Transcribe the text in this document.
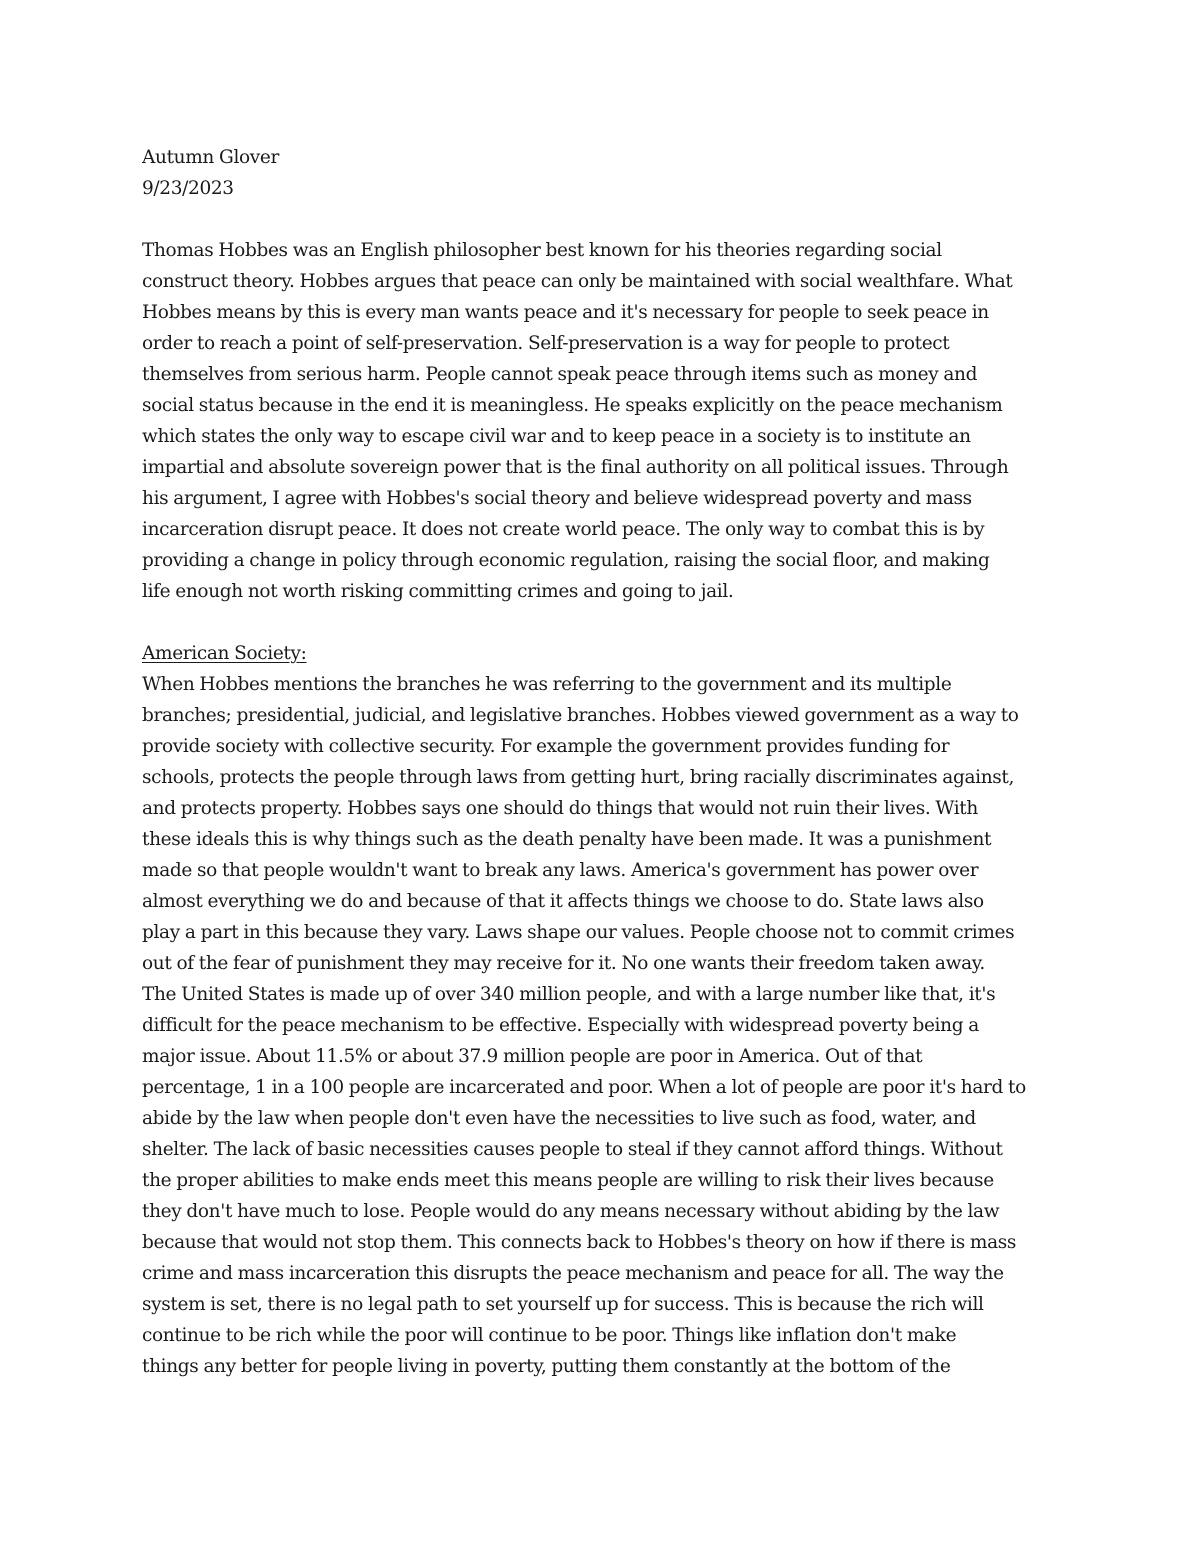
Autumn Glover
9/23/2023
Thomas Hobbes was an English philosopher best known for his theories regarding social
construct theory. Hobbes argues that peace can only be maintained with social wealthfare. What
Hobbes means by this is every man wants peace and it's necessary for people to seek peace in
order to reach a point of self-preservation. Self-preservation is a way for people to protect
themselves from serious harm. People cannot speak peace through items such as money and
social status because in the end it is meaningless. He speaks explicitly on the peace mechanism
which states the only way to escape civil war and to keep peace in a society is to institute an
impartial and absolute sovereign power that is the final authority on all political issues. Through
his argument, I agree with Hobbes's social theory and believe widespread poverty and mass
incarceration disrupt peace. It does not create world peace. The only way to combat this is by
providing a change in policy through economic regulation, raising the social floor, and making
life enough not worth risking committing crimes and going to jail.
American Society:
When Hobbes mentions the branches he was referring to the government and its multiple
branches; presidential, judicial, and legislative branches. Hobbes viewed government as a way to
provide society with collective security. For example the government provides funding for
schools, protects the people through laws from getting hurt, bring racially discriminates against,
and protects property. Hobbes says one should do things that would not ruin their lives. With
these ideals this is why things such as the death penalty have been made. It was a punishment
made so that people wouldn't want to break any laws. America's government has power over
almost everything we do and because of that it affects things we choose to do. State laws also
play a part in this because they vary. Laws shape our values. People choose not to commit crimes
out of the fear of punishment they may receive for it. No one wants their freedom taken away.
The United States is made up of over 340 million people, and with a large number like that, it's
difficult for the peace mechanism to be effective. Especially with widespread poverty being a
major issue. About 11.5% or about 37.9 million people are poor in America. Out of that
percentage, 1 in a 100 people are incarcerated and poor. When a lot of people are poor it's hard to
abide by the law when people don't even have the necessities to live such as food, water, and
shelter. The lack of basic necessities causes people to steal if they cannot afford things. Without
the proper abilities to make ends meet this means people are willing to risk their lives because
they don't have much to lose. People would do any means necessary without abiding by the law
because that would not stop them. This connects back to Hobbes's theory on how if there is mass
crime and mass incarceration this disrupts the peace mechanism and peace for all. The way the
system is set, there is no legal path to set yourself up for success. This is because the rich will
continue to be rich while the poor will continue to be poor. Things like inflation don't make
things any better for people living in poverty, putting them constantly at the bottom of the
